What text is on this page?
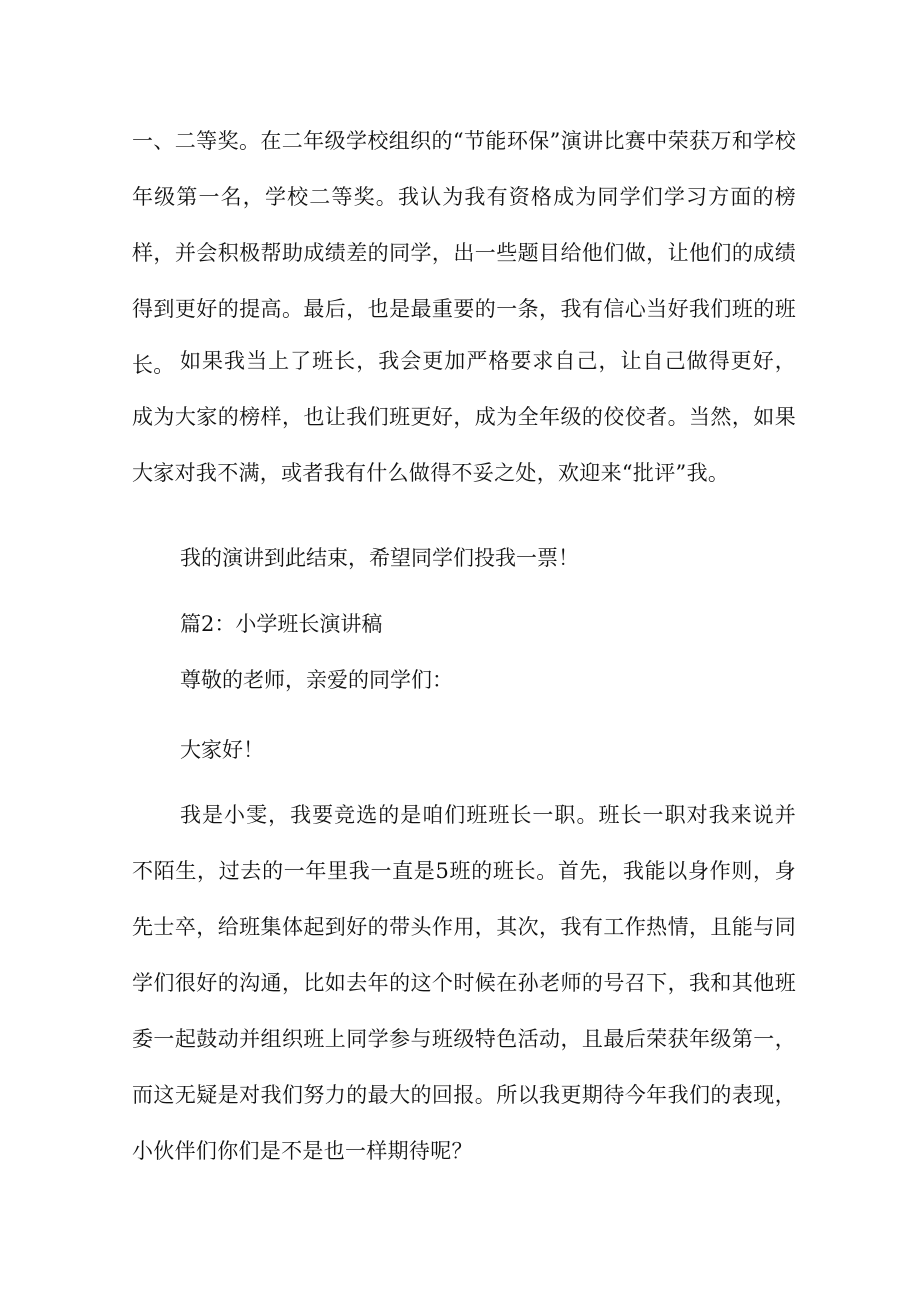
一、二等奖。在二年级学校组织的“节能环保”演讲比赛中荣获万和学校年级第一名，学校二等奖。我认为我有资格成为同学们学习方面的榜样，并会积极帮助成绩差的同学，出一些题目给他们做，让他们的成绩得到更好的提高。最后，也是最重要的一条，我有信心当好我们班的班长。 如果我当上了班长，我会更加严格要求自己，让自己做得更好，成为大家的榜样，也让我们班更好，成为全年级的佼佼者。当然，如果大家对我不满，或者我有什么做得不妥之处，欢迎来“批评”我。

我的演讲到此结束，希望同学们投我一票！

篇2：小学班长演讲稿

尊敬的老师，亲爱的同学们：

大家好！

我是小雯，我要竞选的是咱们班班长一职。班长一职对我来说并不陌生，过去的一年里我一直是5班的班长。首先，我能以身作则，身先士卒，给班集体起到好的带头作用，其次，我有工作热情，且能与同学们很好的沟通，比如去年的这个时候在孙老师的号召下，我和其他班委一起鼓动并组织班上同学参与班级特色活动，且最后荣获年级第一，而这无疑是对我们努力的最大的回报。所以我更期待今年我们的表现，小伙伴们你们是不是也一样期待呢？
